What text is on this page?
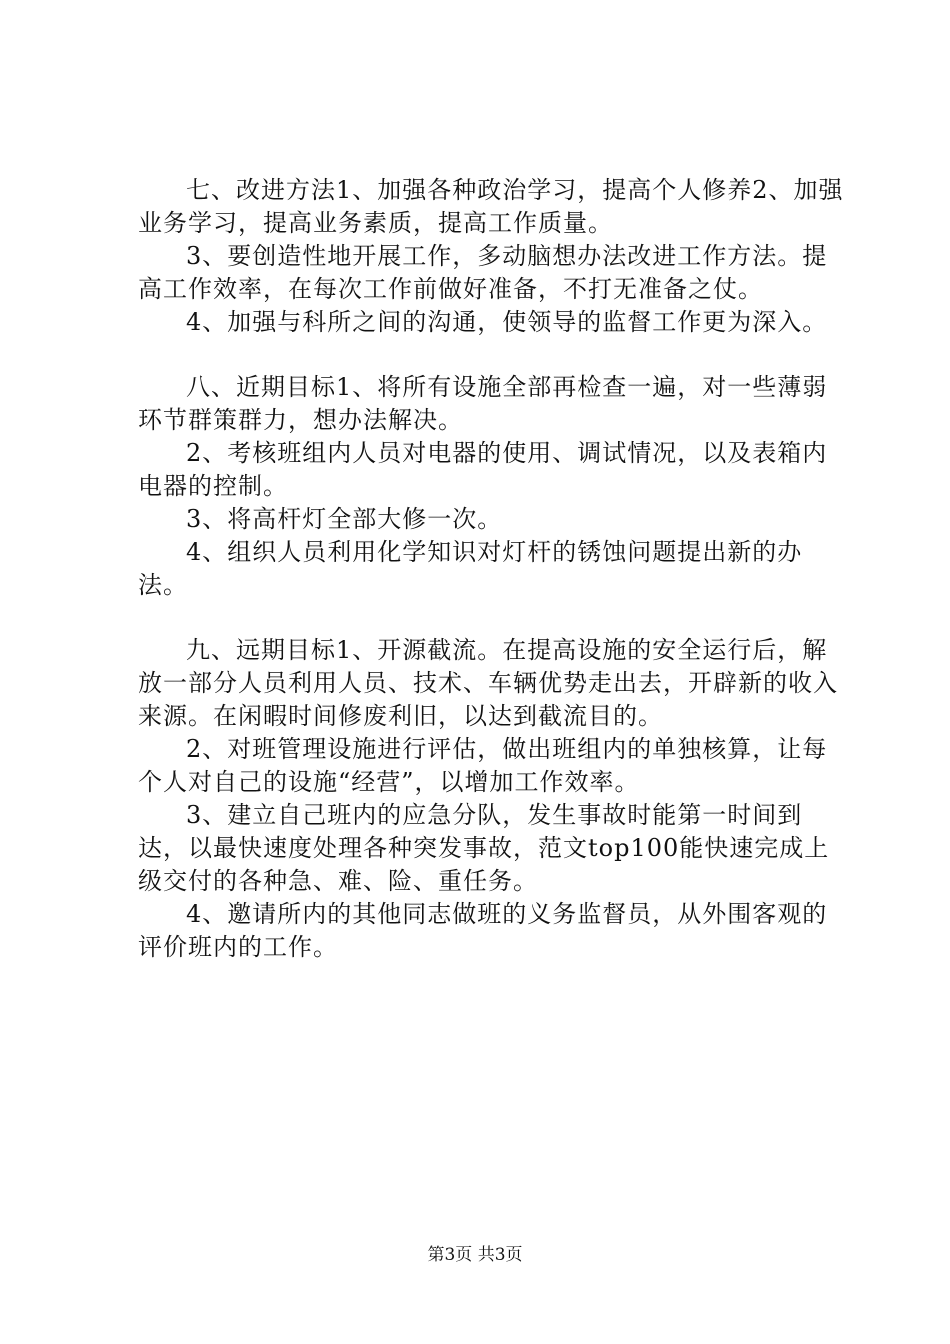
七、改进方法1、加强各种政治学习，提高个人修养2、加强业务学习，提高业务素质，提高工作质量。

3、要创造性地开展工作，多动脑想办法改进工作方法。提高工作效率，在每次工作前做好准备，不打无准备之仗。

4、加强与科所之间的沟通，使领导的监督工作更为深入。

八、近期目标1、将所有设施全部再检查一遍，对一些薄弱环节群策群力，想办法解决。

2、考核班组内人员对电器的使用、调试情况，以及表箱内电器的控制。

3、将高杆灯全部大修一次。

4、组织人员利用化学知识对灯杆的锈蚀问题提出新的办法。

九、远期目标1、开源截流。在提高设施的安全运行后，解放一部分人员利用人员、技术、车辆优势走出去，开辟新的收入来源。在闲暇时间修废利旧，以达到截流目的。

2、对班管理设施进行评估，做出班组内的单独核算，让每个人对自己的设施“经营”，以增加工作效率。

3、建立自己班内的应急分队，发生事故时能第一时间到达，以最快速度处理各种突发事故，范文top100能快速完成上级交付的各种急、难、险、重任务。

4、邀请所内的其他同志做班的义务监督员，从外围客观的评价班内的工作。

第3页 共3页
